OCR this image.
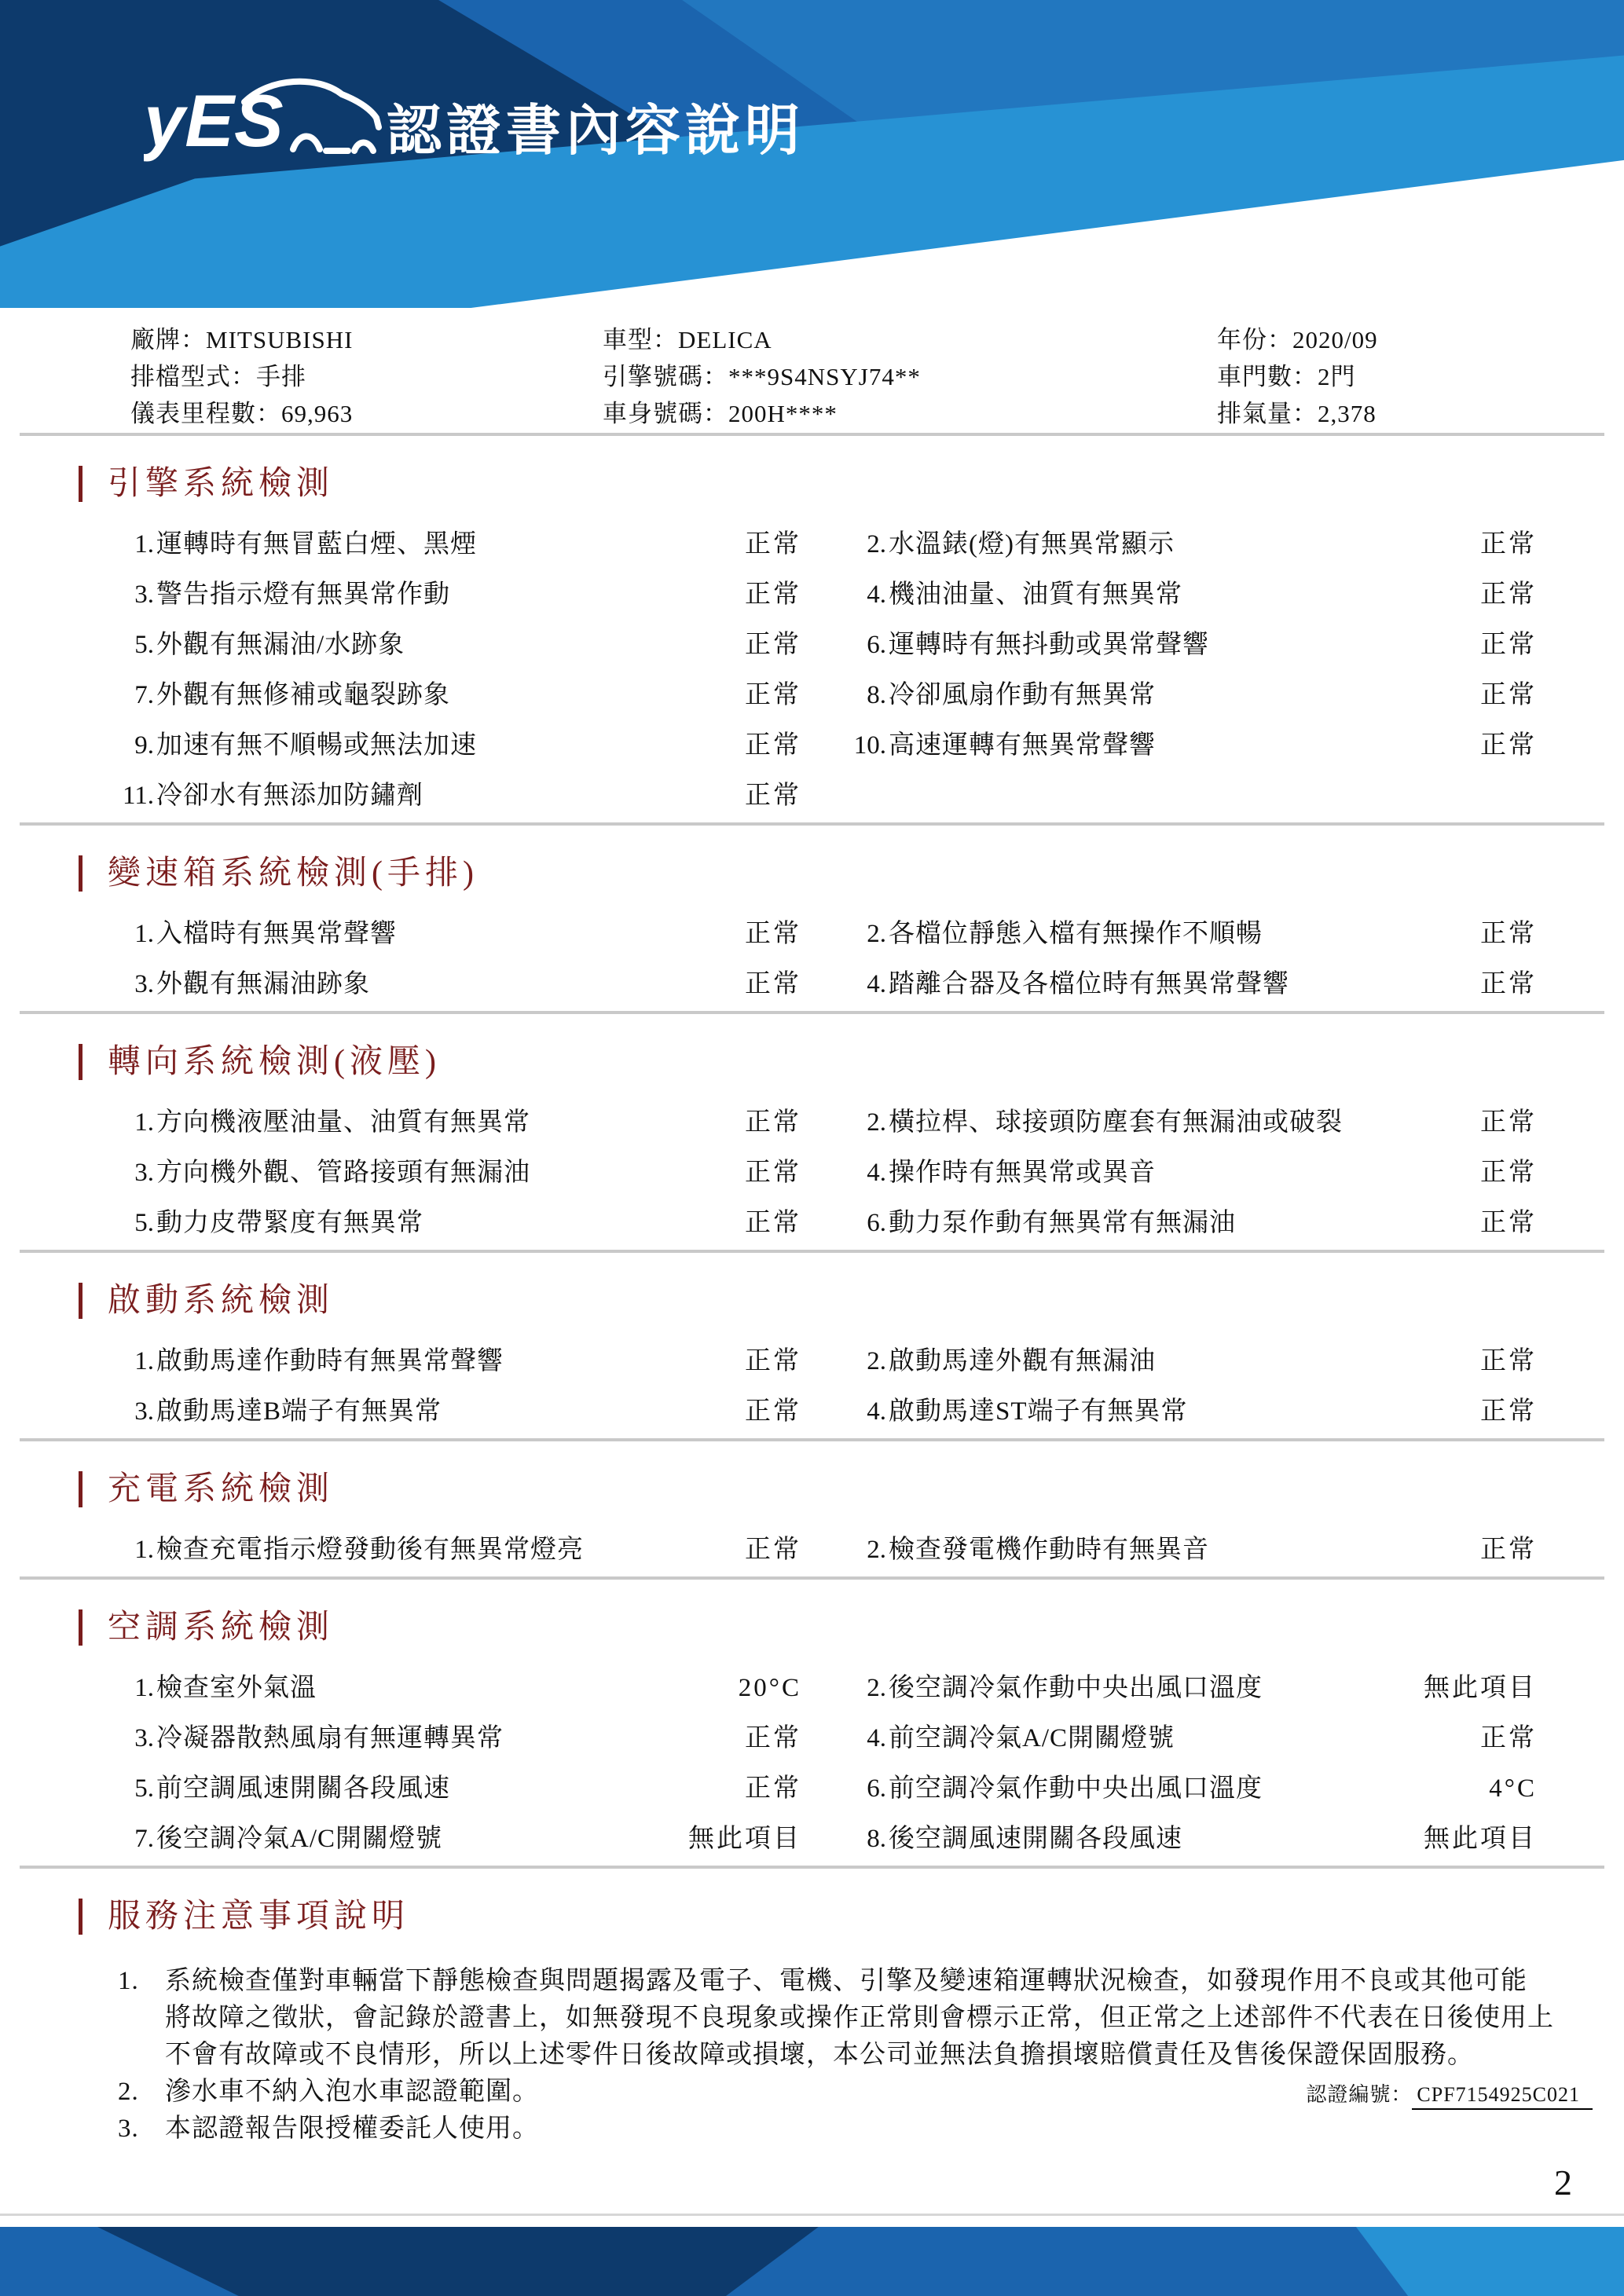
yES 認證書內容說明
廠牌：MITSUBISHI	車型：DELICA	年份：2020/09
排檔型式：手排	引擎號碼：***9S4NSYJ74**	車門數：2門
儀表里程數：69,963	車身號碼：200H****	排氣量：2,378
引擎系統檢測
1. 運轉時有無冒藍白煙、黑煙	正常	2. 水溫錶(燈)有無異常顯示	正常
3. 警告指示燈有無異常作動	正常	4. 機油油量、油質有無異常	正常
5. 外觀有無漏油/水跡象	正常	6. 運轉時有無抖動或異常聲響	正常
7. 外觀有無修補或龜裂跡象	正常	8. 冷卻風扇作動有無異常	正常
9. 加速有無不順暢或無法加速	正常 10. 高速運轉有無異常聲響	正常
11. 冷卻水有無添加防鏽劑	正常
變速箱系統檢測(手排)
1. 入檔時有無異常聲響	正常	2. 各檔位靜態入檔有無操作不順暢	正常
3. 外觀有無漏油跡象	正常	4. 踏離合器及各檔位時有無異常聲響	正常
轉向系統檢測(液壓)
1. 方向機液壓油量、油質有無異常	正常	2. 橫拉桿、球接頭防塵套有無漏油或破裂	正常
3. 方向機外觀、管路接頭有無漏油	正常	4. 操作時有無異常或異音	正常
5. 動力皮帶緊度有無異常	正常	6. 動力泵作動有無異常有無漏油	正常
啟動系統檢測
1. 啟動馬達作動時有無異常聲響	正常	2. 啟動馬達外觀有無漏油	正常
3. 啟動馬達B端子有無異常	正常	4. 啟動馬達ST端子有無異常	正常
充電系統檢測
1. 檢查充電指示燈發動後有無異常燈亮	正常	2. 檢查發電機作動時有無異音	正常
空調系統檢測
1. 檢查室外氣溫	20°C	2. 後空調冷氣作動中央出風口溫度	無此項目
3. 冷凝器散熱風扇有無運轉異常	正常	4. 前空調冷氣A/C開關燈號	正常
5. 前空調風速開關各段風速	正常	6. 前空調冷氣作動中央出風口溫度	4°C
7. 後空調冷氣A/C開關燈號	無此項目	8. 後空調風速開關各段風速	無此項目
服務注意事項說明
1.	系統檢查僅對車輛當下靜態檢查與問題揭露及電子、電機、引擎及變速箱運轉狀況檢查，如發現作用不良或其他可能
將故障之徵狀，會記錄於證書上，如無發現不良現象或操作正常則會標示正常，但正常之上述部件不代表在日後使用上
不會有故障或不良情形，所以上述零件日後故障或損壞，本公司並無法負擔損壞賠償責任及售後保證保固服務。
2.	滲水車不納入泡水車認證範圍。
3.	本認證報告限授權委託人使用。
認證編號： CPF7154925C021
2
